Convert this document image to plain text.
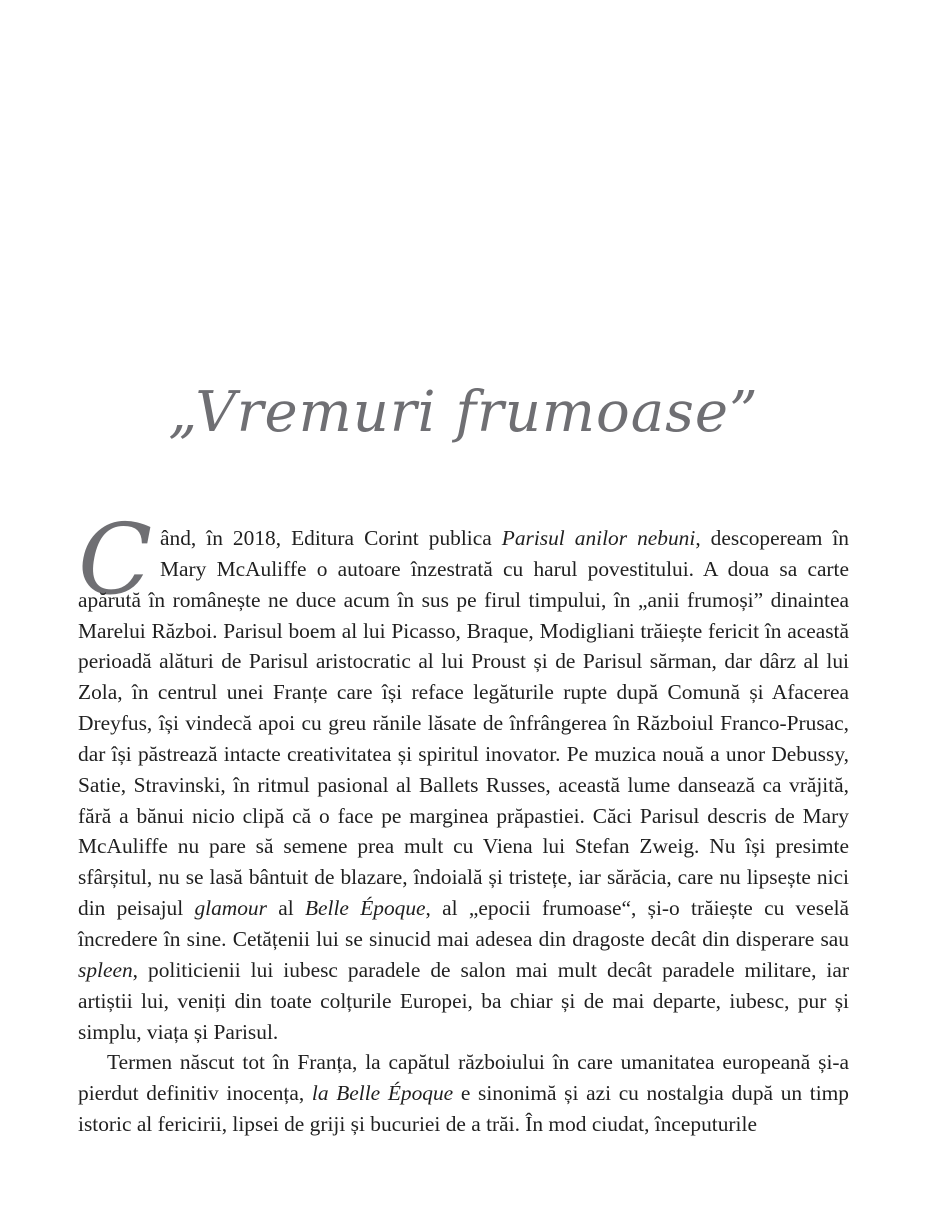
„Vremuri frumoase”

Când, în 2018, Editura Corint publica Parisul anilor nebuni, descopeream în Mary McAuliffe o autoare înzestrată cu harul povestitului. A doua sa carte apărută în românește ne duce acum în sus pe firul timpului, în „anii frumoși” dinaintea Marelui Război. Parisul boem al lui Picasso, Braque, Modigliani trăiește fericit în această perioadă alături de Parisul aristocratic al lui Proust și de Parisul sărman, dar dârz al lui Zola, în centrul unei Franțe care își reface legăturile rupte după Comună și Afacerea Dreyfus, își vindecă apoi cu greu rănile lăsate de înfrângerea în Războiul Franco-Prusac, dar își păstrează intacte creativitatea și spiritul inovator. Pe muzica nouă a unor Debussy, Satie, Stravinski, în ritmul pasional al Ballets Russes, această lume dansează ca vrăjită, fără a bănui nicio clipă că o face pe marginea prăpastiei. Căci Parisul descris de Mary McAuliffe nu pare să semene prea mult cu Viena lui Stefan Zweig. Nu își presimte sfârșitul, nu se lasă bântuit de blazare, îndoială și tristețe, iar sărăcia, care nu lipsește nici din peisajul glamour al Belle Époque, al „epocii frumoase“, și-o trăiește cu veselă încredere în sine. Cetățenii lui se sinucid mai adesea din dragoste decât din disperare sau spleen, politicienii lui iubesc paradele de salon mai mult decât paradele militare, iar artiștii lui, veniți din toate colțurile Europei, ba chiar și de mai departe, iubesc, pur și simplu, viața și Parisul.

Termen născut tot în Franța, la capătul războiului în care umanitatea europeană și-a pierdut definitiv inocența, la Belle Époque e sinonimă și azi cu nostalgia după un timp istoric al fericirii, lipsei de griji și bucuriei de a trăi. În mod ciudat, începuturile
